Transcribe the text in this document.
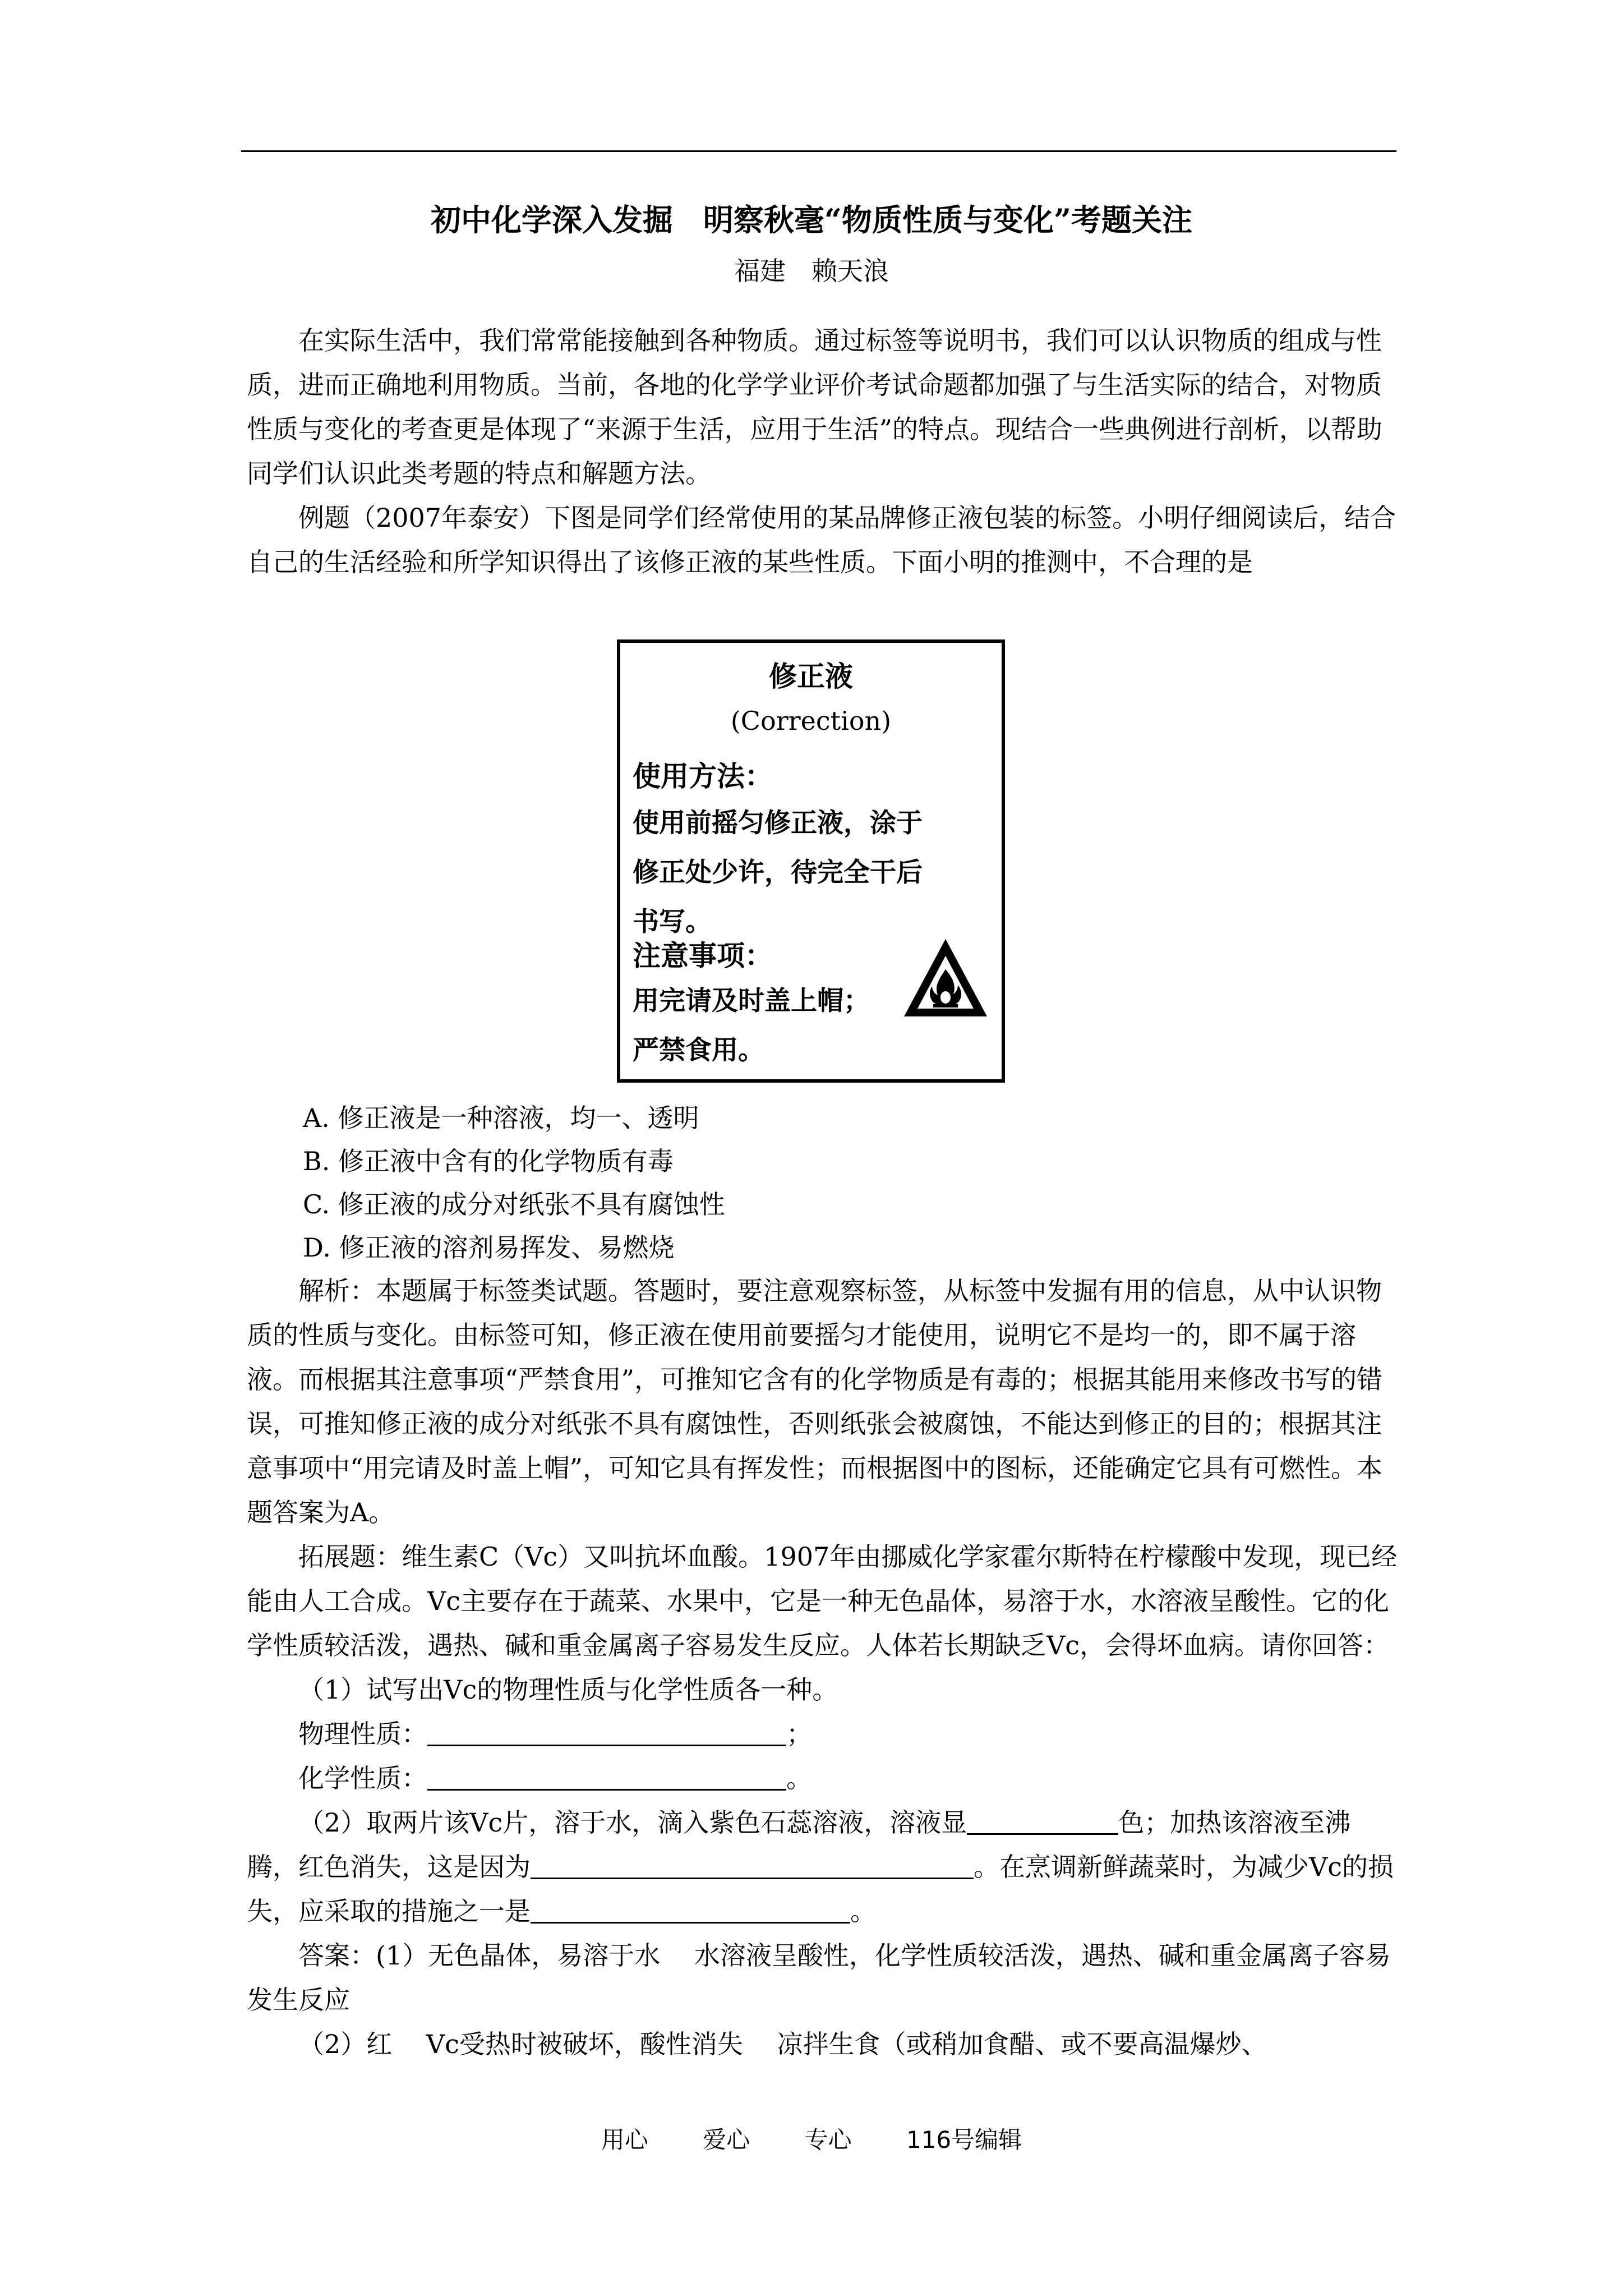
初中化学深入发掘　明察秋毫“物质性质与变化”考题关注
福建　赖天浪

在实际生活中，我们常常能接触到各种物质。通过标签等说明书，我们可以认识物质的组成与性质，进而正确地利用物质。当前，各地的化学学业评价考试命题都加强了与生活实际的结合，对物质性质与变化的考查更是体现了“来源于生活，应用于生活”的特点。现结合一些典例进行剖析，以帮助同学们认识此类考题的特点和解题方法。

例题（2007年泰安）下图是同学们经常使用的某品牌修正液包装的标签。小明仔细阅读后，结合自己的生活经验和所学知识得出了该修正液的某些性质。下面小明的推测中，不合理的是

修正液
(Correction)
使用方法：

使用前摇匀修正液，涂于

修正处少许，待完全干后

书写。

注意事项：

用完请及时盖上帽；

严禁食用。

A. 修正液是一种溶液，均一、透明

B. 修正液中含有的化学物质有毒

C. 修正液的成分对纸张不具有腐蚀性

D. 修正液的溶剂易挥发、易燃烧

解析：本题属于标签类试题。答题时，要注意观察标签，从标签中发掘有用的信息，从中认识物质的性质与变化。由标签可知，修正液在使用前要摇匀才能使用，说明它不是均一的，即不属于溶液。而根据其注意事项“严禁食用”，可推知它含有的化学物质是有毒的；根据其能用来修改书写的错误，可推知修正液的成分对纸张不具有腐蚀性，否则纸张会被腐蚀，不能达到修正的目的；根据其注意事项中“用完请及时盖上帽”，可知它具有挥发性；而根据图中的图标，还能确定它具有可燃性。本题答案为A。

拓展题：维生素C（Vc）又叫抗坏血酸。1907年由挪威化学家霍尔斯特在柠檬酸中发现，现已经能由人工合成。Vc主要存在于蔬菜、水果中，它是一种无色晶体，易溶于水，水溶液呈酸性。它的化学性质较活泼，遇热、碱和重金属离子容易发生反应。人体若长期缺乏Vc，会得坏血病。请你回答：

（1）试写出Vc的物理性质与化学性质各一种。

物理性质：	；

化学性质：	。

（2）取两片该Vc片，溶于水，滴入紫色石蕊溶液，溶液显	色；加热该溶液至沸腾，红色消失，这是因为	。在烹调新鲜蔬菜时，为减少Vc的损失，应采取的措施之一是	。

答案：(1）无色晶体，易溶于水　 水溶液呈酸性，化学性质较活泼，遇热、碱和重金属离子容易发生反应

（2）红　 Vc受热时被破坏，酸性消失　 凉拌生食（或稍加食醋、或不要高温爆炒、

用心 爱心 专心 116号编辑
